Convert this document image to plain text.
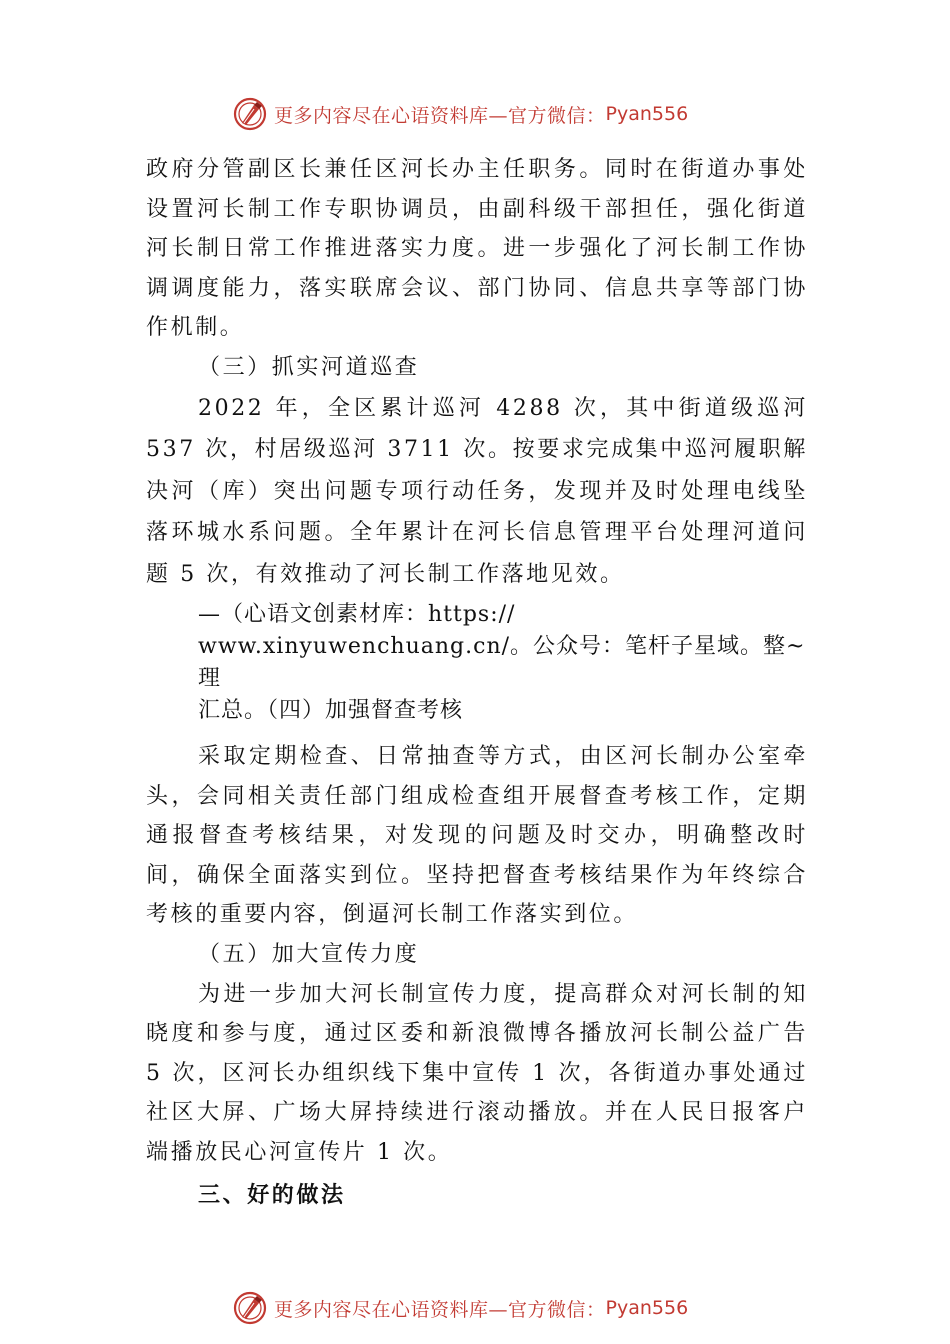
更多内容尽在心语资料库—官方微信： Pyan556

政府分管副区长兼任区河长办主任职务。同时在街道办事处设置河长制工作专职协调员，由副科级干部担任，强化街道河长制日常工作推进落实力度。进一步强化了河长制工作协调调度能力，落实联席会议、部门协同、信息共享等部门协作机制。

（三）抓实河道巡查

2022 年，全区累计巡河 4288 次，其中街道级巡河 537 次，村居级巡河 3711 次。按要求完成集中巡河履职解决河（库）突出问题专项行动任务，发现并及时处理电线坠落环城水系问题。全年累计在河长信息管理平台处理河道问题 5 次，有效推动了河长制工作落地见效。

—（心语文创素材库：https://
www.xinyuwenchuang.cn/。公众号：笔杆子星域。整~理
汇总。（四）加强督查考核

采取定期检查、日常抽查等方式，由区河长制办公室牵头，会同相关责任部门组成检查组开展督查考核工作，定期通报督查考核结果，对发现的问题及时交办，明确整改时间，确保全面落实到位。坚持把督查考核结果作为年终综合考核的重要内容，倒逼河长制工作落实到位。

（五）加大宣传力度

为进一步加大河长制宣传力度，提高群众对河长制的知晓度和参与度，通过区委和新浪微博各播放河长制公益广告 5 次，区河长办组织线下集中宣传 1 次，各街道办事处通过社区大屏、广场大屏持续进行滚动播放。并在人民日报客户端播放民心河宣传片 1 次。

三、好的做法

更多内容尽在心语资料库—官方微信： Pyan556
